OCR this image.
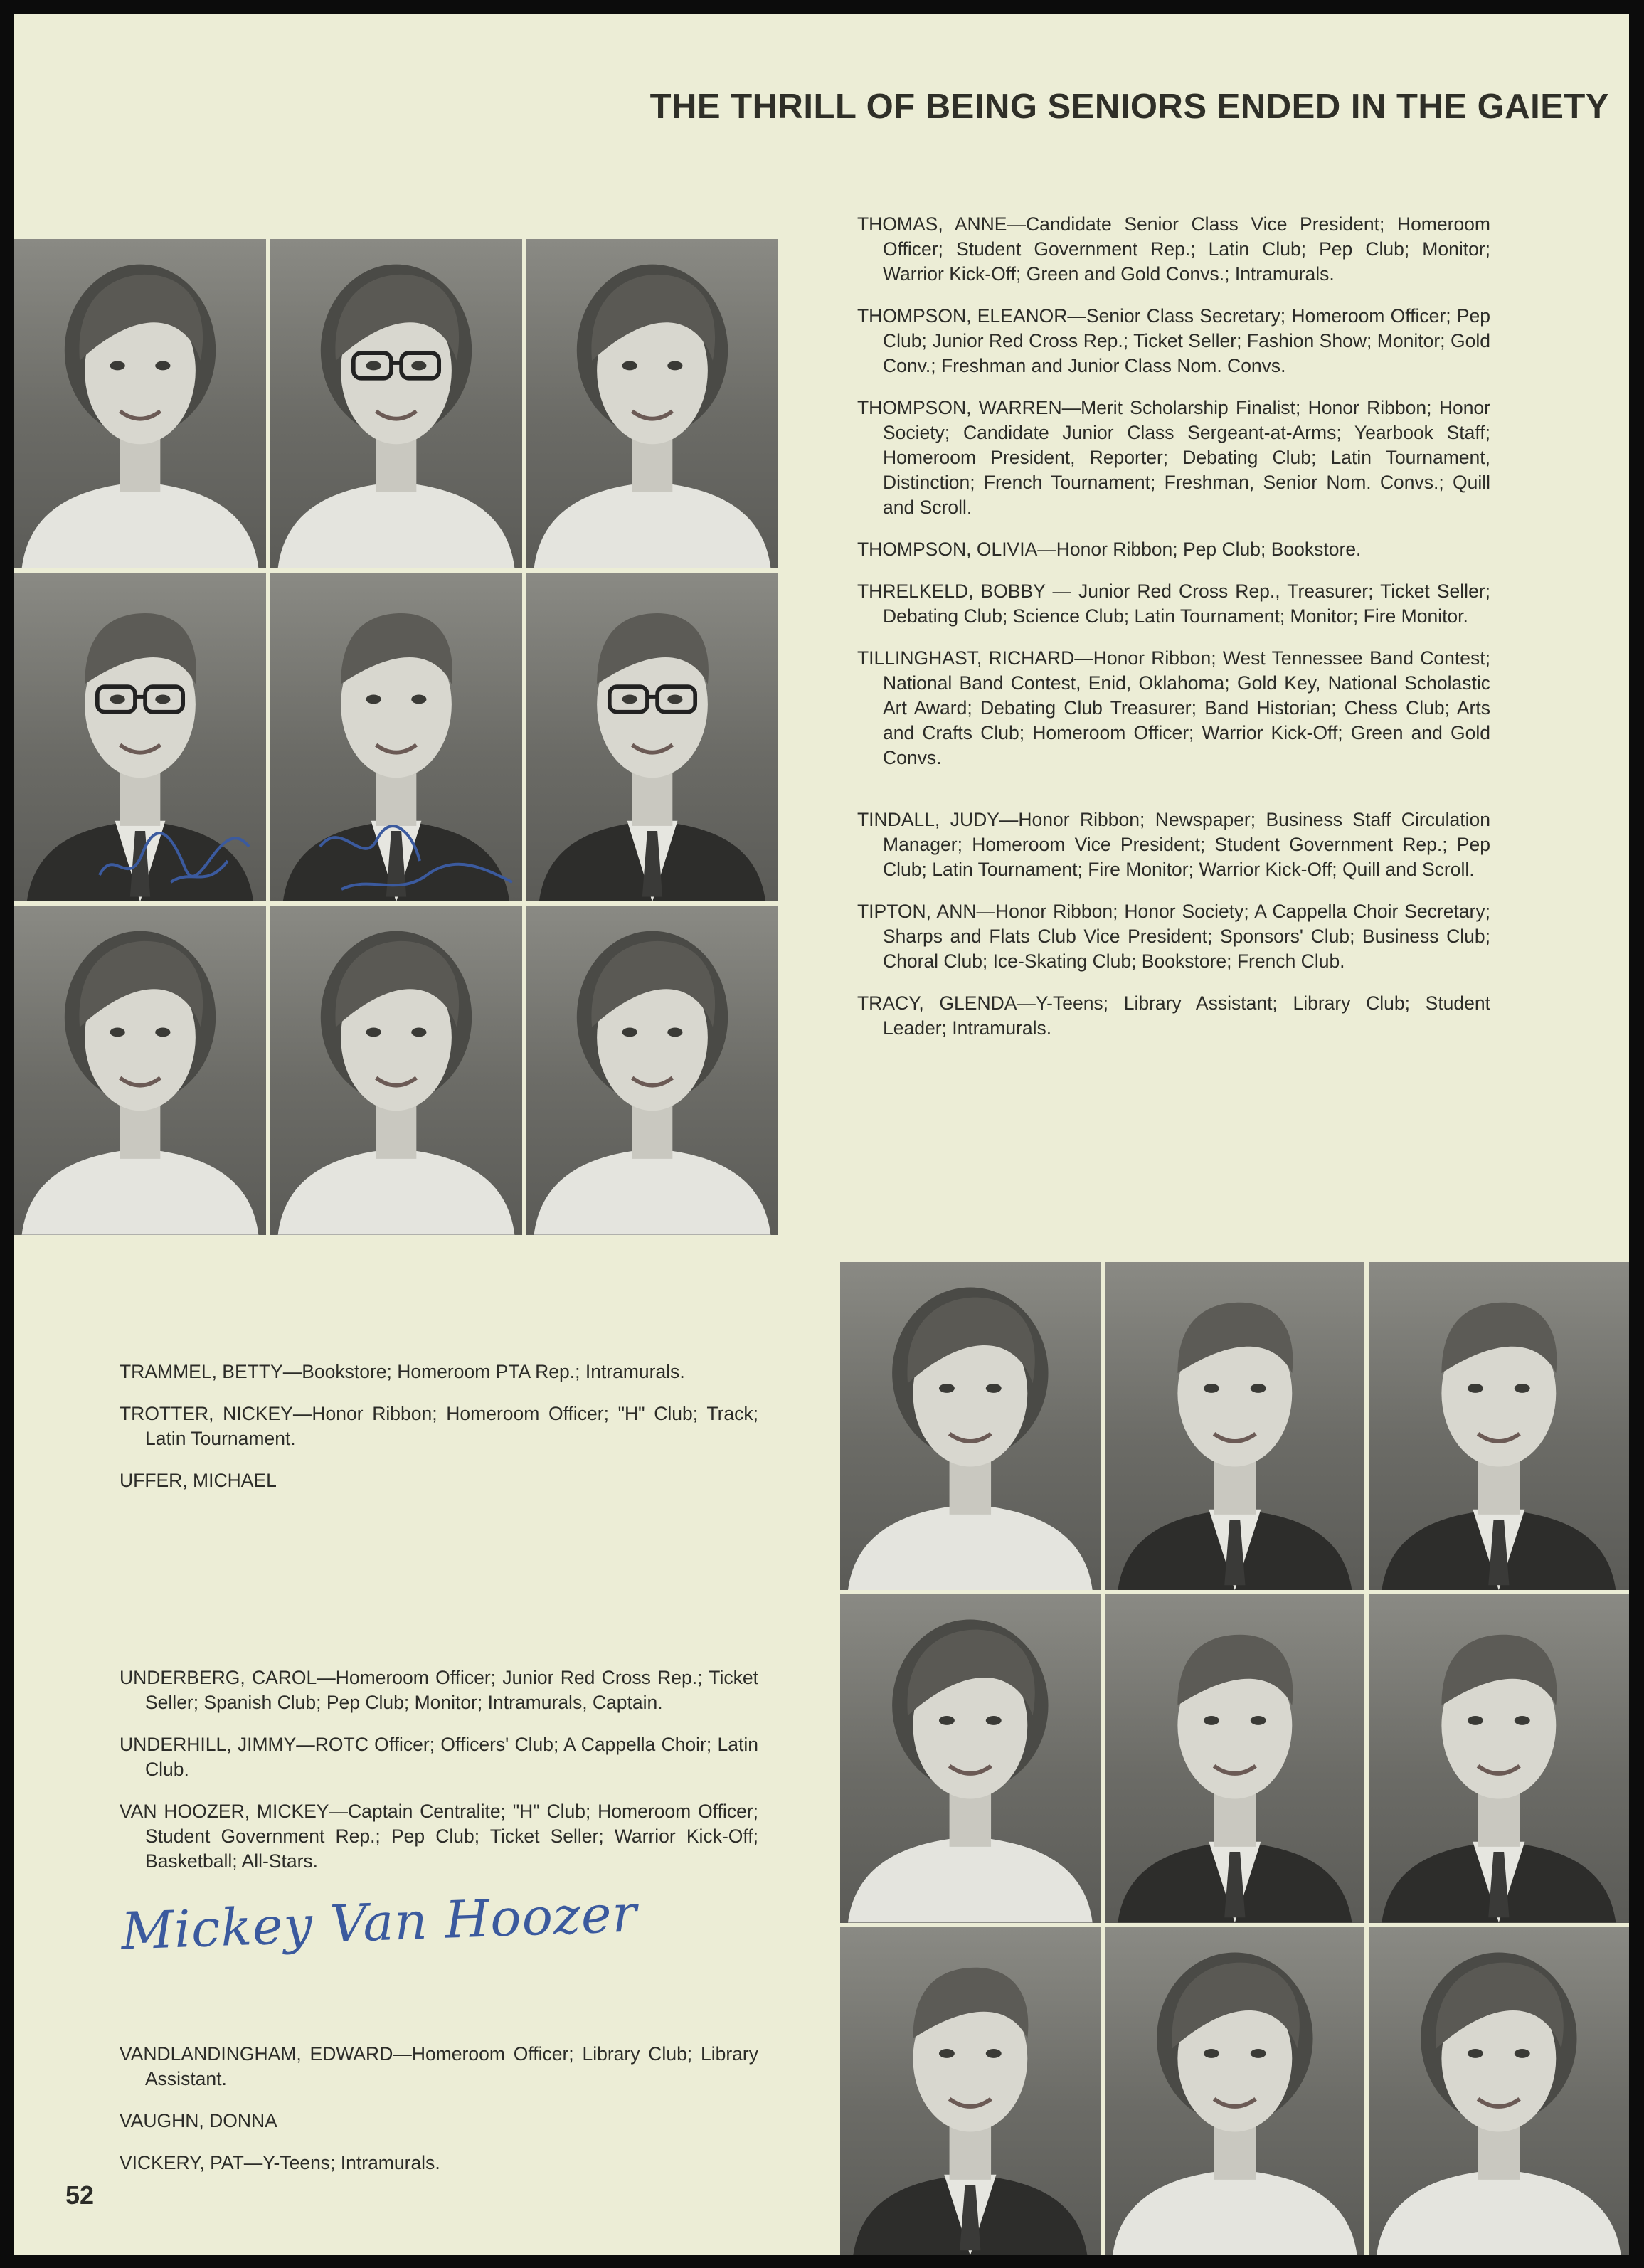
THE THRILL OF BEING SENIORS ENDED IN THE GAIETY

THOMAS, ANNE—Candidate Senior Class Vice President; Homeroom Officer; Student Government Rep.; Latin Club; Pep Club; Monitor; Warrior Kick-Off; Green and Gold Convs.; Intramurals.

THOMPSON, ELEANOR—Senior Class Secretary; Homeroom Officer; Pep Club; Junior Red Cross Rep.; Ticket Seller; Fashion Show; Monitor; Gold Conv.; Freshman and Junior Class Nom. Convs.

THOMPSON, WARREN—Merit Scholarship Finalist; Honor Ribbon; Honor Society; Candidate Junior Class Sergeant-at-Arms; Yearbook Staff; Homeroom President, Reporter; Debating Club; Latin Tournament, Distinction; French Tournament; Freshman, Senior Nom. Convs.; Quill and Scroll.

THOMPSON, OLIVIA—Honor Ribbon; Pep Club; Bookstore.

THRELKELD, BOBBY — Junior Red Cross Rep., Treasurer; Ticket Seller; Debating Club; Science Club; Latin Tournament; Monitor; Fire Monitor.

TILLINGHAST, RICHARD—Honor Ribbon; West Tennessee Band Contest; National Band Contest, Enid, Oklahoma; Gold Key, National Scholastic Art Award; Debating Club Treasurer; Band Historian; Chess Club; Arts and Crafts Club; Homeroom Officer; Warrior Kick-Off; Green and Gold Convs.

TINDALL, JUDY—Honor Ribbon; Newspaper; Business Staff Circulation Manager; Homeroom Vice President; Student Government Rep.; Pep Club; Latin Tournament; Fire Monitor; Warrior Kick-Off; Quill and Scroll.

TIPTON, ANN—Honor Ribbon; Honor Society; A Cappella Choir Secretary; Sharps and Flats Club Vice President; Sponsors' Club; Business Club; Choral Club; Ice-Skating Club; Bookstore; French Club.

TRACY, GLENDA—Y-Teens; Library Assistant; Library Club; Student Leader; Intramurals.

TRAMMEL, BETTY—Bookstore; Homeroom PTA Rep.; Intramurals.

TROTTER, NICKEY—Honor Ribbon; Homeroom Officer; "H" Club; Track; Latin Tournament.

UFFER, MICHAEL

UNDERBERG, CAROL—Homeroom Officer; Junior Red Cross Rep.; Ticket Seller; Spanish Club; Pep Club; Monitor; Intramurals, Captain.

UNDERHILL, JIMMY—ROTC Officer; Officers' Club; A Cappella Choir; Latin Club.

VAN HOOZER, MICKEY—Captain Centralite; "H" Club; Homeroom Officer; Student Government Rep.; Pep Club; Ticket Seller; Warrior Kick-Off; Basketball; All-Stars.

Mickey Van Hoozer

VANDLANDINGHAM, EDWARD—Homeroom Officer; Library Club; Library Assistant.

VAUGHN, DONNA

VICKERY, PAT—Y-Teens; Intramurals.

52
